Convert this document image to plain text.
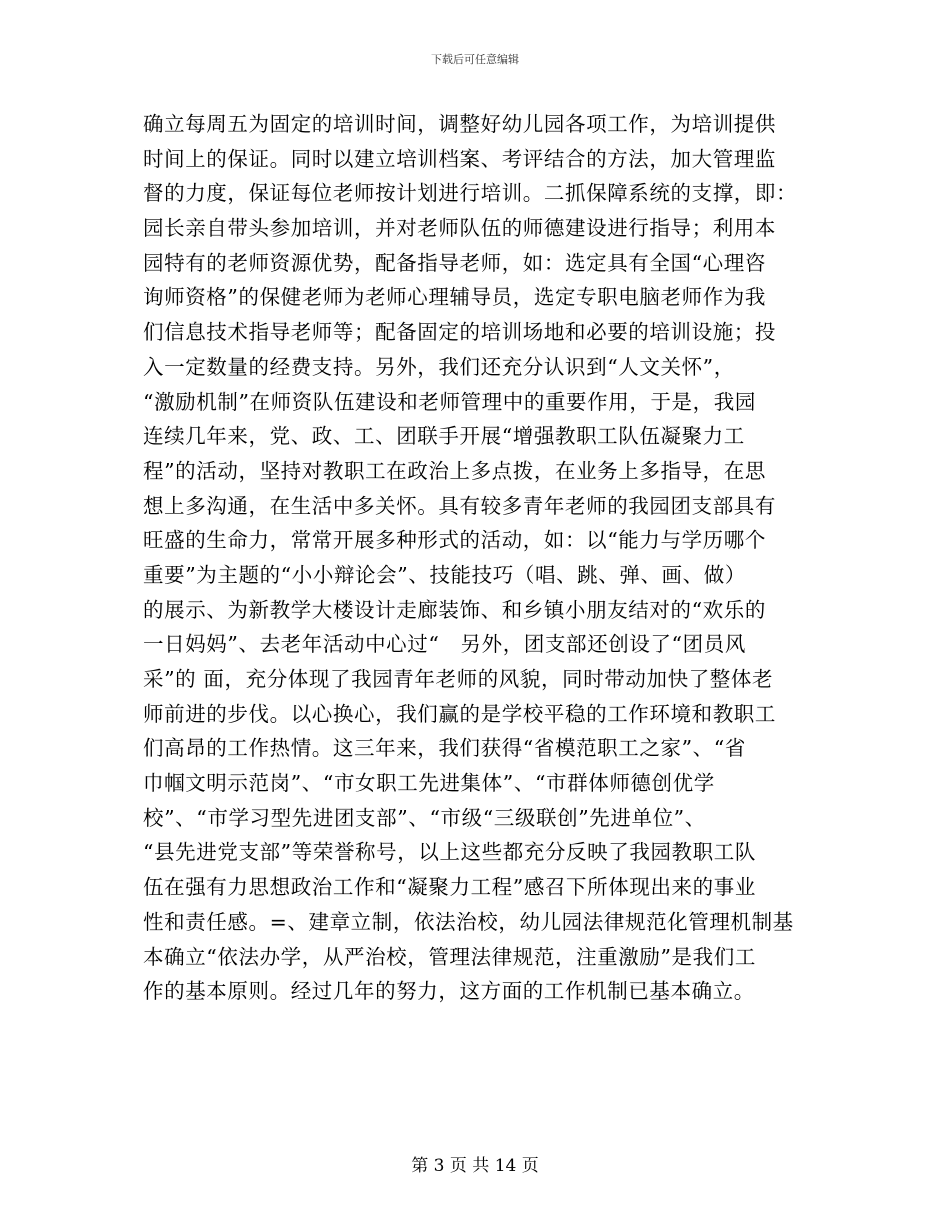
下载后可任意编辑
确立每周五为固定的培训时间，调整好幼儿园各项工作，为培训提供
时间上的保证。同时以建立培训档案、考评结合的方法，加大管理监
督的力度，保证每位老师按计划进行培训。二抓保障系统的支撑，即：
园长亲自带头参加培训，并对老师队伍的师德建设进行指导；利用本
园特有的老师资源优势，配备指导老师，如：选定具有全国“心理咨
询师资格”的保健老师为老师心理辅导员，选定专职电脑老师作为我
们信息技术指导老师等；配备固定的培训场地和必要的培训设施；投
入一定数量的经费支持。另外，我们还充分认识到“人文关怀”，
“激励机制”在师资队伍建设和老师管理中的重要作用，于是，我园
连续几年来，党、政、工、团联手开展“增强教职工队伍凝聚力工
程”的活动，坚持对教职工在政治上多点拨，在业务上多指导，在思
想上多沟通，在生活中多关怀。具有较多青年老师的我园团支部具有
旺盛的生命力，常常开展多种形式的活动，如：以“能力与学历哪个
重要”为主题的“小小辩论会”、技能技巧（唱、跳、弹、画、做）
的展示、为新教学大楼设计走廊装饰、和乡镇小朋友结对的“欢乐的
一日妈妈”、去老年活动中心过“　另外，团支部还创设了“团员风
采”的 面，充分体现了我园青年老师的风貌，同时带动加快了整体老
师前进的步伐。以心换心，我们赢的是学校平稳的工作环境和教职工
们高昂的工作热情。这三年来，我们获得“省模范职工之家”、“省
巾帼文明示范岗”、“市女职工先进集体”、“市群体师德创优学
校”、“市学习型先进团支部”、“市级“三级联创”先进单位”、
“县先进党支部”等荣誉称号，以上这些都充分反映了我园教职工队
伍在强有力思想政治工作和“凝聚力工程”感召下所体现出来的事业
性和责任感。=、建章立制，依法治校，幼儿园法律规范化管理机制基
本确立“依法办学，从严治校，管理法律规范，注重激励”是我们工
作的基本原则。经过几年的努力，这方面的工作机制已基本确立。
第 3 页 共 14 页
